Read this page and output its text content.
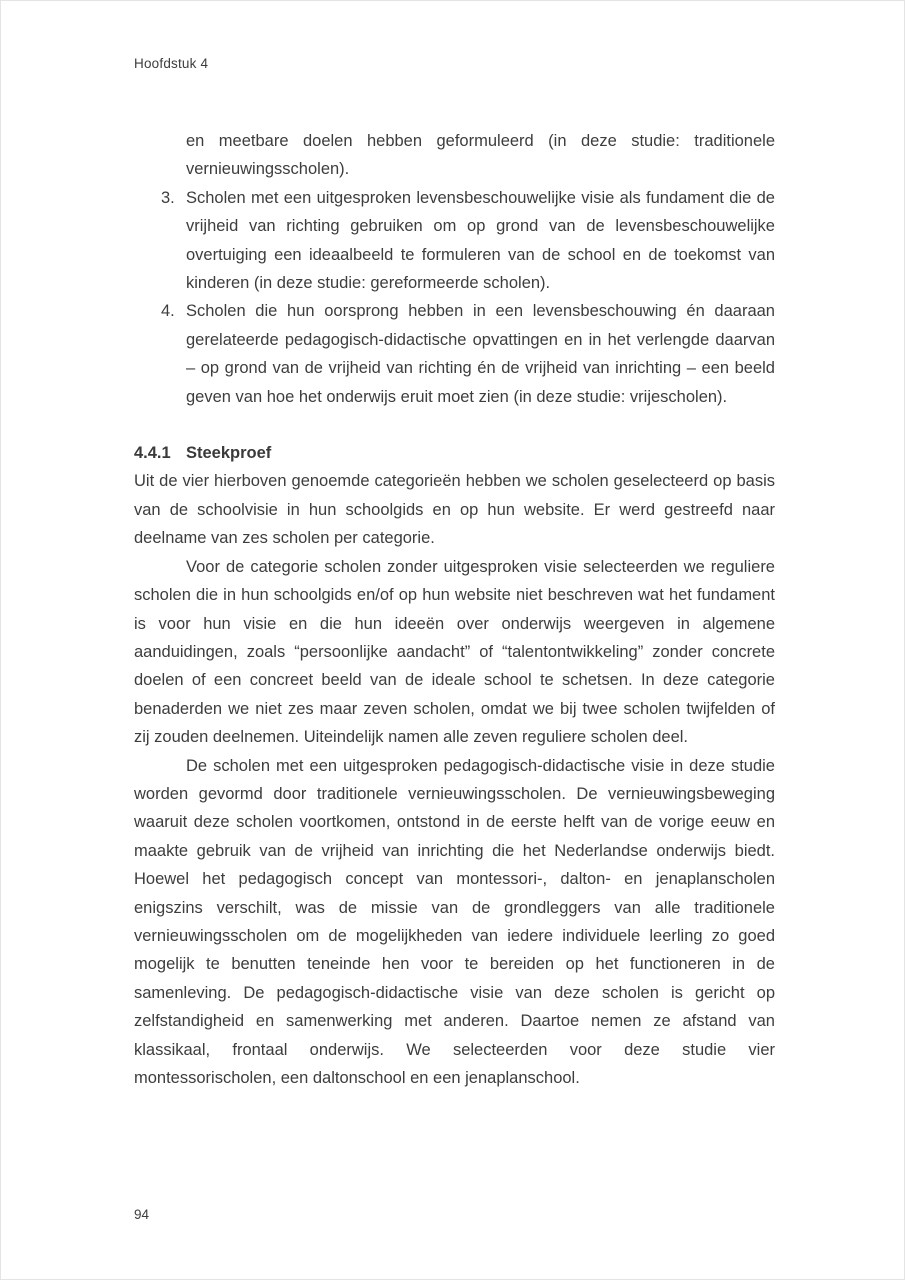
Hoofdstuk 4
en meetbare doelen hebben geformuleerd (in deze studie: traditionele vernieuwingsscholen).
3. Scholen met een uitgesproken levensbeschouwelijke visie als fundament die de vrijheid van richting gebruiken om op grond van de levensbeschouwelijke overtuiging een ideaalbeeld te formuleren van de school en de toekomst van kinderen (in deze studie: gereformeerde scholen).
4. Scholen die hun oorsprong hebben in een levensbeschouwing én daaraan gerelateerde pedagogisch-didactische opvattingen en in het verlengde daarvan – op grond van de vrijheid van richting én de vrijheid van inrichting – een beeld geven van hoe het onderwijs eruit moet zien (in deze studie: vrijescholen).
4.4.1 Steekproef

Uit de vier hierboven genoemde categorieën hebben we scholen geselecteerd op basis van de schoolvisie in hun schoolgids en op hun website. Er werd gestreefd naar deelname van zes scholen per categorie.

Voor de categorie scholen zonder uitgesproken visie selecteerden we reguliere scholen die in hun schoolgids en/of op hun website niet beschreven wat het fundament is voor hun visie en die hun ideeën over onderwijs weergeven in algemene aanduidingen, zoals “persoonlijke aandacht” of “talentontwikkeling” zonder concrete doelen of een concreet beeld van de ideale school te schetsen. In deze categorie benaderden we niet zes maar zeven scholen, omdat we bij twee scholen twijfelden of zij zouden deelnemen. Uiteindelijk namen alle zeven reguliere scholen deel.

De scholen met een uitgesproken pedagogisch-didactische visie in deze studie worden gevormd door traditionele vernieuwingsscholen. De vernieuwingsbeweging waaruit deze scholen voortkomen, ontstond in de eerste helft van de vorige eeuw en maakte gebruik van de vrijheid van inrichting die het Nederlandse onderwijs biedt. Hoewel het pedagogisch concept van montessori-, dalton- en jenaplanscholen enigszins verschilt, was de missie van de grondleggers van alle traditionele vernieuwingsscholen om de mogelijkheden van iedere individuele leerling zo goed mogelijk te benutten teneinde hen voor te bereiden op het functioneren in de samenleving. De pedagogisch-didactische visie van deze scholen is gericht op zelfstandigheid en samenwerking met anderen. Daartoe nemen ze afstand van klassikaal, frontaal onderwijs. We selecteerden voor deze studie vier montessorischolen, een daltonschool en een jenaplanschool.

94
